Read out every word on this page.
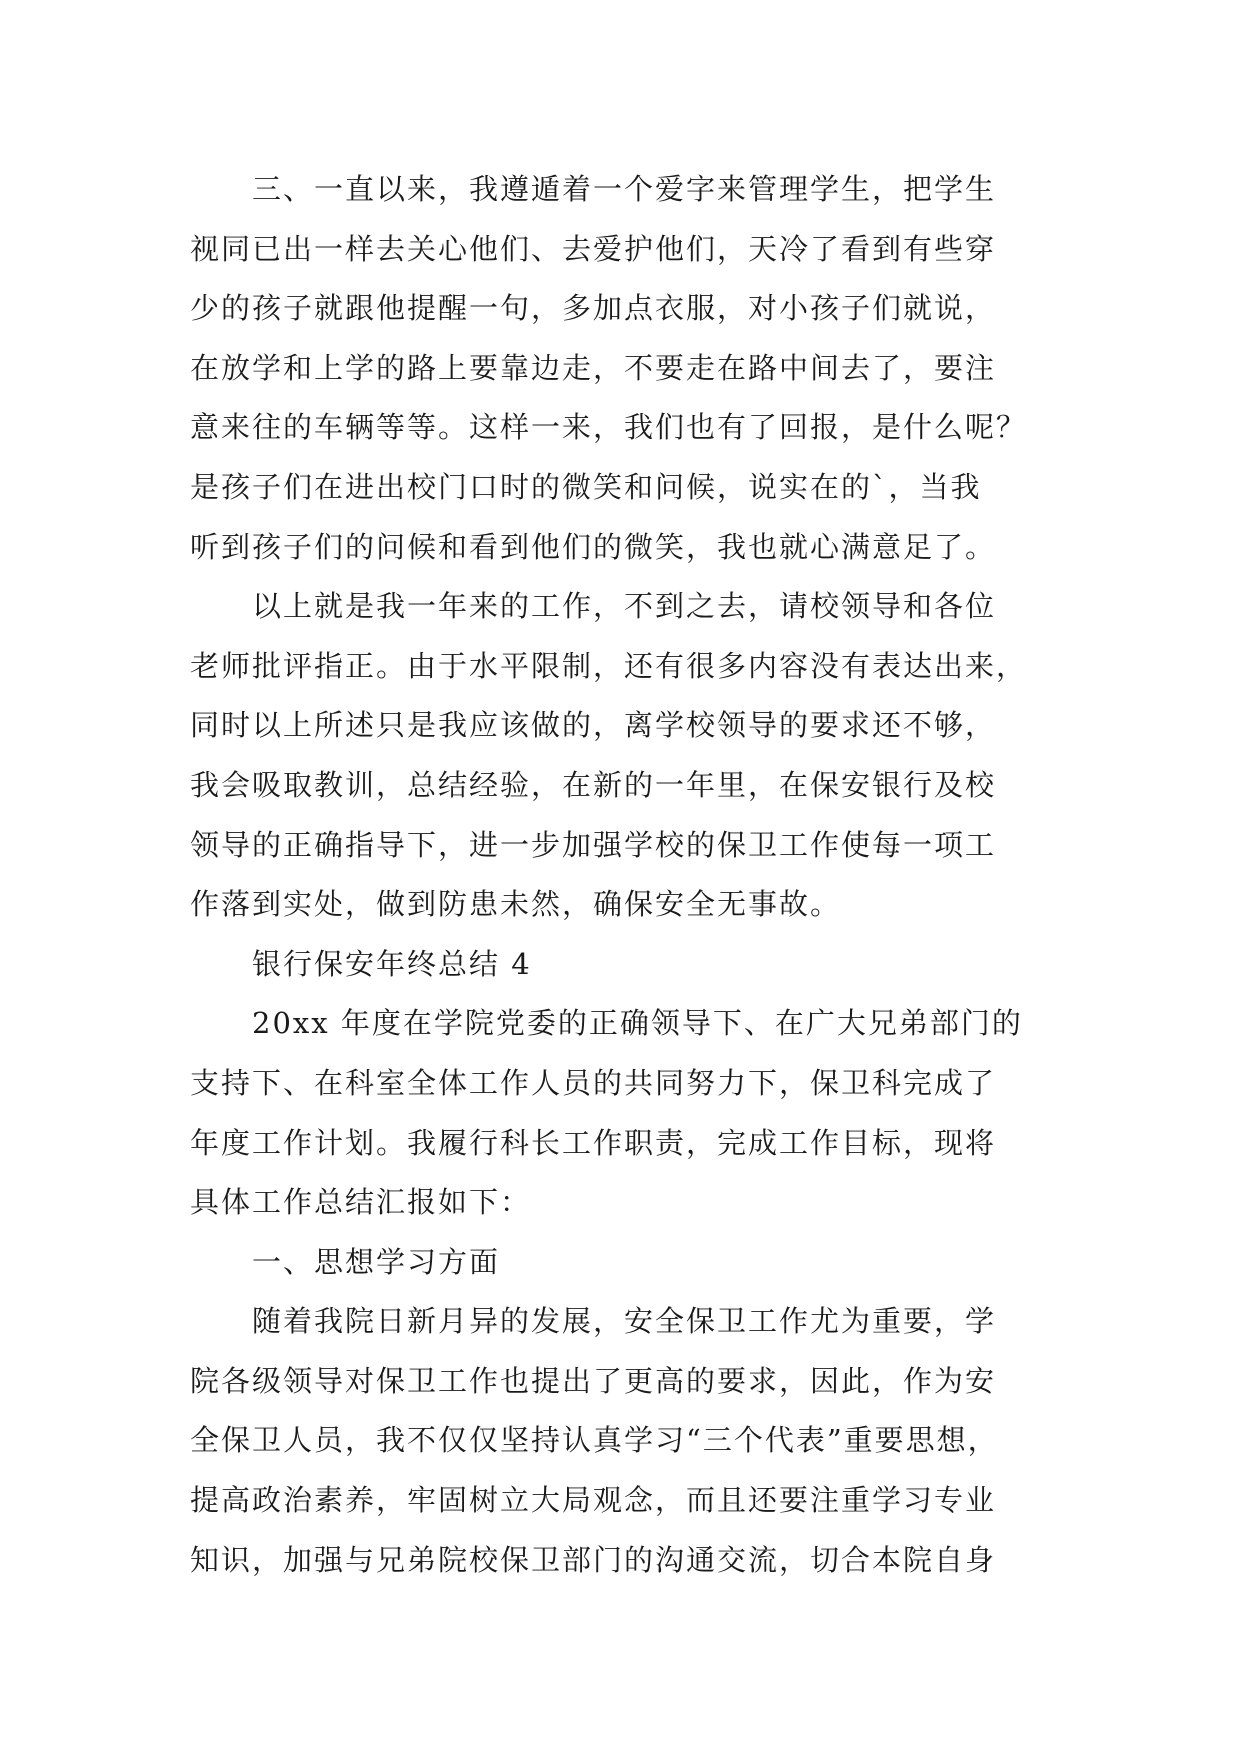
三、一直以来，我遵遁着一个爱字来管理学生，把学生
视同已出一样去关心他们、去爱护他们，天冷了看到有些穿
少的孩子就跟他提醒一句，多加点衣服，对小孩子们就说，
在放学和上学的路上要靠边走，不要走在路中间去了，要注
意来往的车辆等等。这样一来，我们也有了回报，是什么呢？
是孩子们在进出校门口时的微笑和问候，说实在的`，当我
听到孩子们的问候和看到他们的微笑，我也就心满意足了。
以上就是我一年来的工作，不到之去，请校领导和各位
老师批评指正。由于水平限制，还有很多内容没有表达出来，
同时以上所述只是我应该做的，离学校领导的要求还不够，
我会吸取教训，总结经验，在新的一年里，在保安银行及校
领导的正确指导下，进一步加强学校的保卫工作使每一项工
作落到实处，做到防患未然，确保安全无事故。
银行保安年终总结 4
20xx 年度在学院党委的正确领导下、在广大兄弟部门的
支持下、在科室全体工作人员的共同努力下，保卫科完成了
年度工作计划。我履行科长工作职责，完成工作目标，现将
具体工作总结汇报如下：
一、思想学习方面
随着我院日新月异的发展，安全保卫工作尤为重要，学
院各级领导对保卫工作也提出了更高的要求，因此，作为安
全保卫人员，我不仅仅坚持认真学习“三个代表”重要思想，
提高政治素养，牢固树立大局观念，而且还要注重学习专业
知识，加强与兄弟院校保卫部门的沟通交流，切合本院自身
